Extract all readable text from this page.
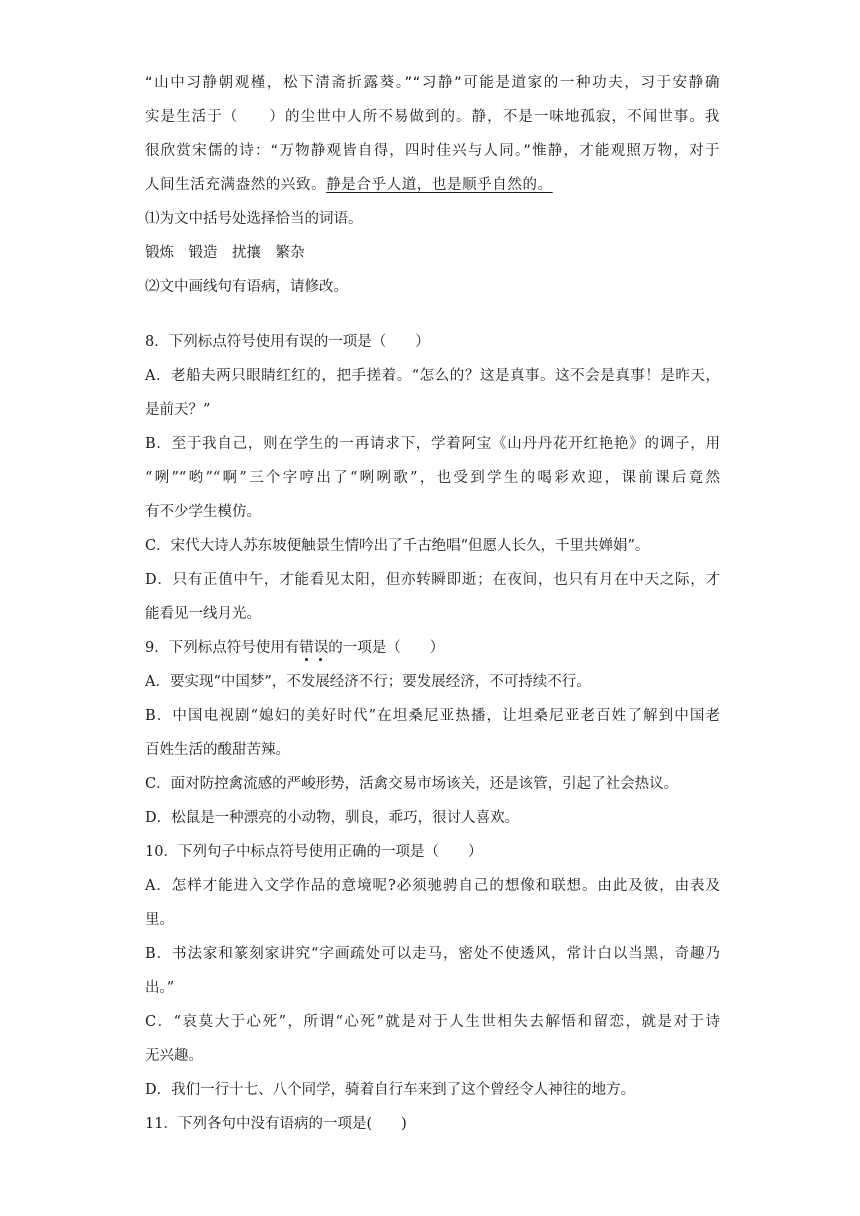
“山中习静朝观槿，松下清斋折露葵。”“习静”可能是道家的一种功夫，习于安静确
实是生活于（　　）的尘世中人所不易做到的。静，不是一味地孤寂，不闻世事。我
很欣赏宋儒的诗：“万物静观皆自得，四时佳兴与人同。”惟静，才能观照万物，对于
人间生活充满盎然的兴致。静是合乎人道，也是顺乎自然的。
⑴为文中括号处选择恰当的词语。
锻炼　锻造　扰攘　繁杂
⑵文中画线句有语病，请修改。
8．下列标点符号使用有误的一项是（　　）
A．老船夫两只眼睛红红的，把手搓着。“怎么的？这是真事。这不会是真事！是昨天，
是前天？”
B．至于我自己，则在学生的一再请求下，学着阿宝《山丹丹花开红艳艳》的调子，用
“咧”“哟”“啊”三个字哼出了“咧咧歌”，也受到学生的喝彩欢迎，课前课后竟然
有不少学生模仿。
C．宋代大诗人苏东坡便触景生情吟出了千古绝唱“但愿人长久，千里共婵娟”。
D．只有正值中午，才能看见太阳，但亦转瞬即逝；在夜间，也只有月在中天之际，才
能看见一线月光。
9．下列标点符号使用有错误的一项是（　　）
A．要实现“中国梦”，不发展经济不行；要发展经济，不可持续不行。
B．中国电视剧“媳妇的美好时代”在坦桑尼亚热播，让坦桑尼亚老百姓了解到中国老
百姓生活的酸甜苦辣。
C．面对防控禽流感的严峻形势，活禽交易市场该关，还是该管，引起了社会热议。
D．松鼠是一种漂亮的小动物，驯良，乖巧，很讨人喜欢。
10．下列句子中标点符号使用正确的一项是（　　）
A．怎样才能进入文学作品的意境呢?必须驰骋自己的想像和联想。由此及彼，由表及
里。
B．书法家和篆刻家讲究“字画疏处可以走马，密处不使透风，常计白以当黑，奇趣乃
出。”
C．“哀莫大于心死”，所谓“心死”就是对于人生世相失去解悟和留恋，就是对于诗
无兴趣。
D．我们一行十七、八个同学，骑着自行车来到了这个曾经令人神往的地方。
11．下列各句中没有语病的一项是(　　)
